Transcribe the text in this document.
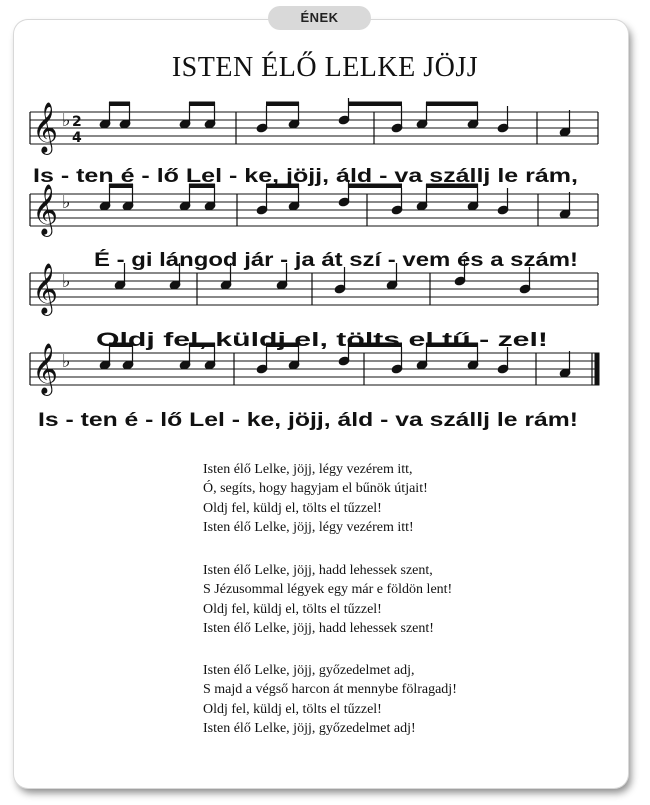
ÉNEK
ISTEN ÉLŐ LELKE JÖJJ
𝄞 ♭ 2
4
𝄞 ♭
𝄞 ♭
𝄞 ♭
Is - ten é - lő Lel - ke, jöjj, áld - va szállj le rám,
É - gi lángod jár - ja át szí - vem és a szám!
Oldj fel, küldj el, tölts el tű - zel!
Is - ten é - lő Lel - ke, jöjj, áld - va szállj le rám!
Isten élő Lelke, jöjj, légy vezérem itt,
Ó, segíts, hogy hagyjam el bűnök útjait!
Oldj fel, küldj el, tölts el tűzzel!
Isten élő Lelke, jöjj, légy vezérem itt!
Isten élő Lelke, jöjj, hadd lehessek szent,
S Jézusommal légyek egy már e földön lent!
Oldj fel, küldj el, tölts el tűzzel!
Isten élő Lelke, jöjj, hadd lehessek szent!
Isten élő Lelke, jöjj, győzedelmet adj,
S majd a végső harcon át mennybe fölragadj!
Oldj fel, küldj el, tölts el tűzzel!
Isten élő Lelke, jöjj, győzedelmet adj!
